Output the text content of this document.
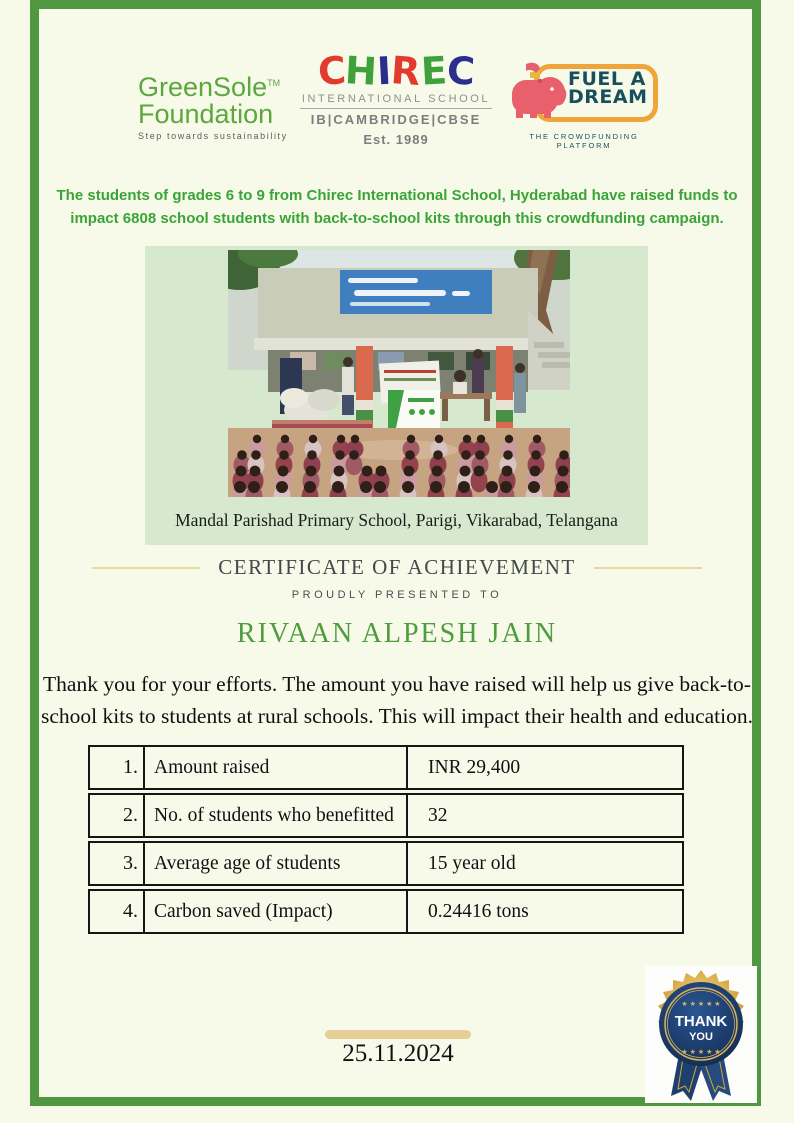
GreenSole™
Foundation
Step towards sustainability
CHIREC
INTERNATIONAL SCHOOL
IB|CAMBRIDGE|CBSE
Est. 1989
FUEL A
DREAM
THE CROWDFUNDING PLATFORM
The students of grades 6 to 9 from Chirec International School, Hyderabad have raised funds to impact 6808 school students with back-to-school kits through this crowdfunding campaign.
Mandal Parishad Primary School, Parigi, Vikarabad, Telangana
CERTIFICATE OF ACHIEVEMENT
PROUDLY PRESENTED TO
RIVAAN ALPESH JAIN
Thank you for your efforts. The amount you have raised will help us give back-to-school kits to students at rural schools. This will impact their health and education.
1. Amount raised	INR 29,400
2. No. of students who benefitted	32
3. Average age of students	15 year old
4. Carbon saved (Impact)	0.24416 tons
25.11.2024
★ ★ ★ ★ ★
THANK
YOU
★ ★ ★ ★ ★
